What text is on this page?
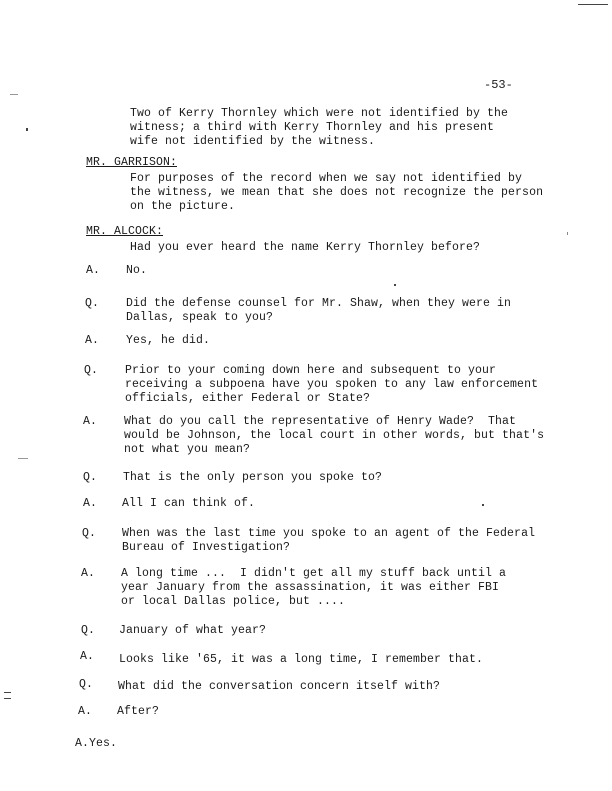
-53-
Two of Kerry Thornley which were not identified by the
witness; a third with Kerry Thornley and his present
wife not identified by the witness.
MR. GARRISON:
For purposes of the record when we say not identified by
the witness, we mean that she does not recognize the person
on the picture.
MR. ALCOCK:
Had you ever heard the name Kerry Thornley before?
A. No.
Q. Did the defense counsel for Mr. Shaw, when they were in
Dallas, speak to you?
A. Yes, he did.
Q. Prior to your coming down here and subsequent to your
receiving a subpoena have you spoken to any law enforcement
officials, either Federal or State?
A. What do you call the representative of Henry Wade?  That
would be Johnson, the local court in other words, but that's
not what you mean?
Q. That is the only person you spoke to?
A. All I can think of.
Q. When was the last time you spoke to an agent of the Federal
Bureau of Investigation?
A. A long time ...  I didn't get all my stuff back until a
year January from the assassination, it was either FBI
or local Dallas police, but ....
Q. January of what year?
A. Looks like '65, it was a long time, I remember that.
Q. What did the conversation concern itself with?
A. After?
A.Yes.
